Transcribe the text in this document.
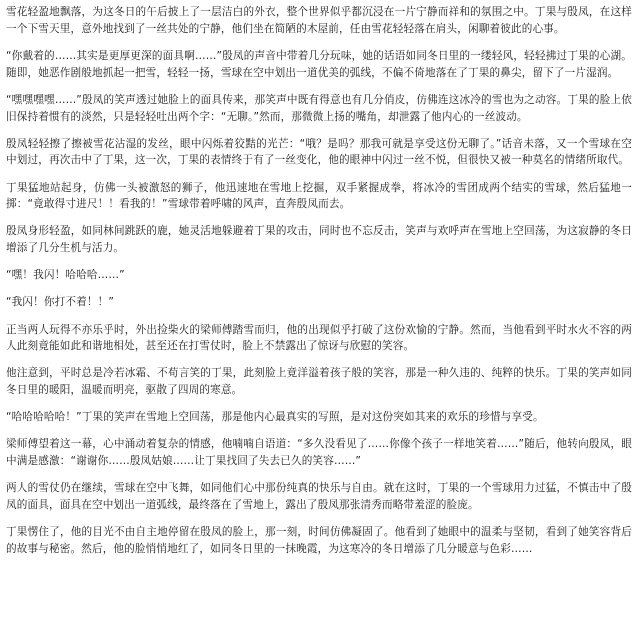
雪花轻盈地飘落，为这冬日的午后披上了一层洁白的外衣，整个世界似乎都沉浸在一片宁静而祥和的氛围之中。丁果与殷凤，在这样一个下雪天里，意外地找到了一丝共处的宁静，他们坐在简陋的木屋前，任由雪花轻轻落在肩头，闲聊着彼此的心事。

“你戴着的……其实是更厚更深的面具啊……”殷凤的声音中带着几分玩味，她的话语如同冬日里的一缕轻风，轻轻拂过丁果的心湖。随即，她恶作剧般地抓起一把雪，轻轻一扬，雪球在空中划出一道优美的弧线，不偏不倚地落在了丁果的鼻尖，留下了一片湿润。

“嘿嘿嘿嘿……”殷凤的笑声透过她脸上的面具传来，那笑声中既有得意也有几分俏皮，仿佛连这冰冷的雪也为之动容。丁果的脸上依旧保持着惯有的淡然，只是轻轻吐出两个字：“无聊。”然而，那微微上扬的嘴角，却泄露了他内心的一丝波动。

殷凤轻轻擦了擦被雪花沾湿的发丝，眼中闪烁着狡黠的光芒：“哦？是吗？那我可就是享受这份无聊了。”话音未落，又一个雪球在空中划过，再次击中了丁果，这一次，丁果的表情终于有了一丝变化，他的眼神中闪过一丝不悦，但很快又被一种莫名的情绪所取代。

丁果猛地站起身，仿佛一头被激怒的狮子，他迅速地在雪地上挖掘，双手紧握成拳，将冰冷的雪团成两个结实的雪球，然后猛地一掷：“竟敢得寸进尺！！看我的！”雪球带着呼啸的风声，直奔殷凤而去。

殷凤身形轻盈，如同林间跳跃的鹿，她灵活地躲避着丁果的攻击，同时也不忘反击，笑声与欢呼声在雪地上空回荡，为这寂静的冬日增添了几分生机与活力。

“嘿！我闪！哈哈哈……”

“我闪！你打不着！！”

正当两人玩得不亦乐乎时，外出捡柴火的梁师傅踏雪而归，他的出现似乎打破了这份欢愉的宁静。然而，当他看到平时水火不容的两人此刻竟能如此和谐地相处，甚至还在打雪仗时，脸上不禁露出了惊讶与欣慰的笑容。

他注意到，平时总是冷若冰霜、不苟言笑的丁果，此刻脸上竟洋溢着孩子般的笑容，那是一种久违的、纯粹的快乐。丁果的笑声如同冬日里的暖阳，温暖而明亮，驱散了四周的寒意。

“哈哈哈哈哈！”丁果的笑声在雪地上空回荡，那是他内心最真实的写照，是对这份突如其来的欢乐的珍惜与享受。

梁师傅望着这一幕，心中涌动着复杂的情感，他喃喃自语道：“多久没看见了……你像个孩子一样地笑着……”随后，他转向殷凤，眼中满是感激：“谢谢你……殷凤姑娘……让丁果找回了失去已久的笑容……”

两人的雪仗仍在继续，雪球在空中飞舞，如同他们心中那份纯真的快乐与自由。就在这时，丁果的一个雪球用力过猛，不慎击中了殷凤的面具，面具在空中划出一道弧线，最终落在了雪地上，露出了殷凤那张清秀而略带羞涩的脸庞。

丁果愣住了，他的目光不由自主地停留在殷凤的脸上，那一刻，时间仿佛凝固了。他看到了她眼中的温柔与坚韧，看到了她笑容背后的故事与秘密。然后，他的脸悄悄地红了，如同冬日里的一抹晚霞，为这寒冷的冬日增添了几分暖意与色彩……
